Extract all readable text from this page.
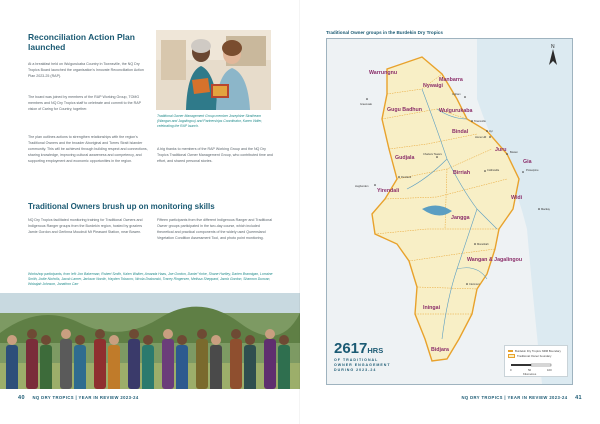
Reconciliation Action Plan launched

At a breakfast held on Wulgurukaba Country in Townsville, the NQ Dry Tropics Board launched the organisation's Innovate Reconciliation Action Plan 2023-25 (RAP).

The board was joined by members of the RAP Working Group, TOMG members and NQ Dry Tropics staff to celebrate and commit to the RAP vision of Caring for Country, together.

The plan outlines actions to strengthen relationships with the region's Traditional Owners and the broader Aboriginal and Torres Strait Islander community. This will be achieved through building respect and connections, sharing knowledge, improving cultural awareness and competency, and supporting employment and economic opportunities in the region.

Traditional Owner Management Group member Josephine Strathearn (Wangan and Jagalingou) and Partnerships Coordinator, Karen Vidler, celebrating the RAP launch.

A big thanks to members of the RAP Working Group and the NQ Dry Tropics Traditional Owner Management Group, who contributed time and effort, and shared personal stories.

Traditional Owners brush up on monitoring skills

NQ Dry Tropics facilitated monitoring training for Traditional Owners and Indigenous Ranger groups from the Burdekin region, hosted by graziers Jamie Gordon and Gerlinna Moudruii Mt Pleasant Station, near Bowen.

Fifteen participants from five different Indigenous Ranger and Traditional Owner groups participated in the two-day course, which included theoretical and practical components of the widely used Queensland Vegetation Condition Assessment Tool, and photo point monitoring.

Workshop participants, from left: Jon Bakerman, Robert Smith, Kalen Walker, Amanda Haas, Joe Gordon, Daniel Yorke, Shane Hartley, Darien Brannigan, Lorraine Smith, Jodie Nicholls, Jacob Larner, Jackson Nordic, Hayden Tobacco, Nicola Drabonski, Tracey Ringersen, Melissa Sheppard, Jacob Gordon, Shannon Duncan, Wobajah Johnson, Jonathon Carr

40 NQ DRY TROPICS | YEAR IN REVIEW 2023-24
Traditional Owner groups in the Burdekin Dry Tropics
N
Warrungnu
Nywaigi
Manbarra
Gugu Badhun	Wulgurukaba
Bindal
Juru
Gia
Gudjala
Birriah
Widi
Yirendali
Jangga
Wangan & Jagalingou
Iningai
Bidjara
Ingham
Townsville
Ayr
Home Hill
Bowen
Proserpine
Charters Towers
Collinsville
Hughenden
Moranbah
Clermont
Mackay
Greenvale
Pentland
2617HRS
OF TRADITIONAL
OWNER ENGAGEMENT
DURING 2023-24
Burdekin Dry Tropics NRM Boundary
Traditional Owner boundary
0	50	100
Kilometres
NQ DRY TROPICS | YEAR IN REVIEW 2023-24 41
